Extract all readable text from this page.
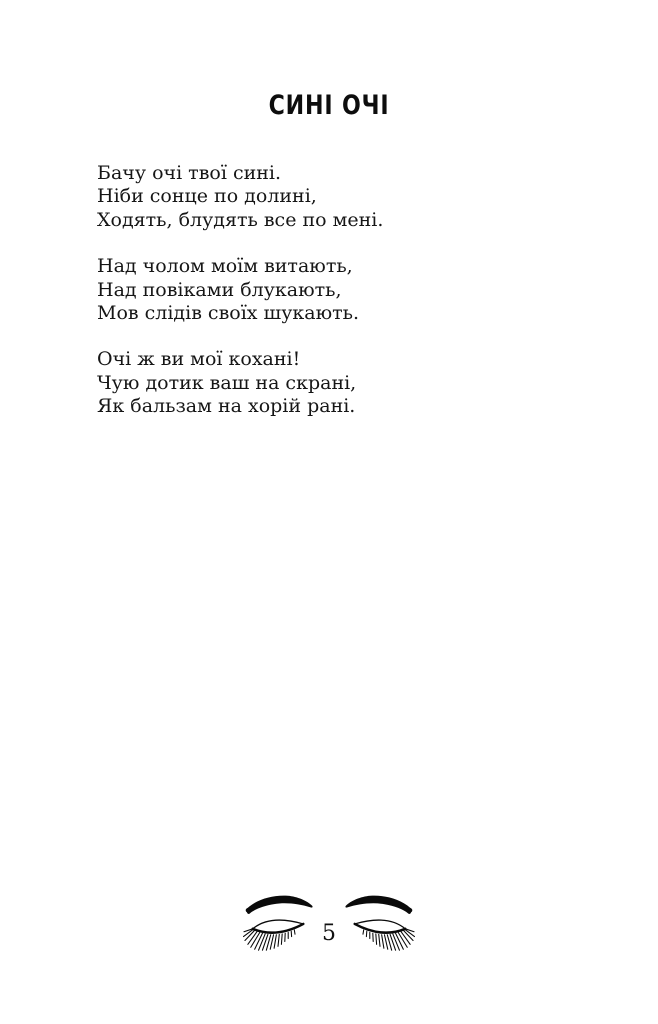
СИНІ ОЧІ
Бачу очі твої сині.
Ніби сонце по долині,
Ходять, блудять все по мені.
Над чолом моїм витають,
Над повіками блукають,
Мов слідів своїх шукають.
Очі ж ви мої кохані!
Чую дотик ваш на скрані,
Як бальзам на хорій рані.
5
